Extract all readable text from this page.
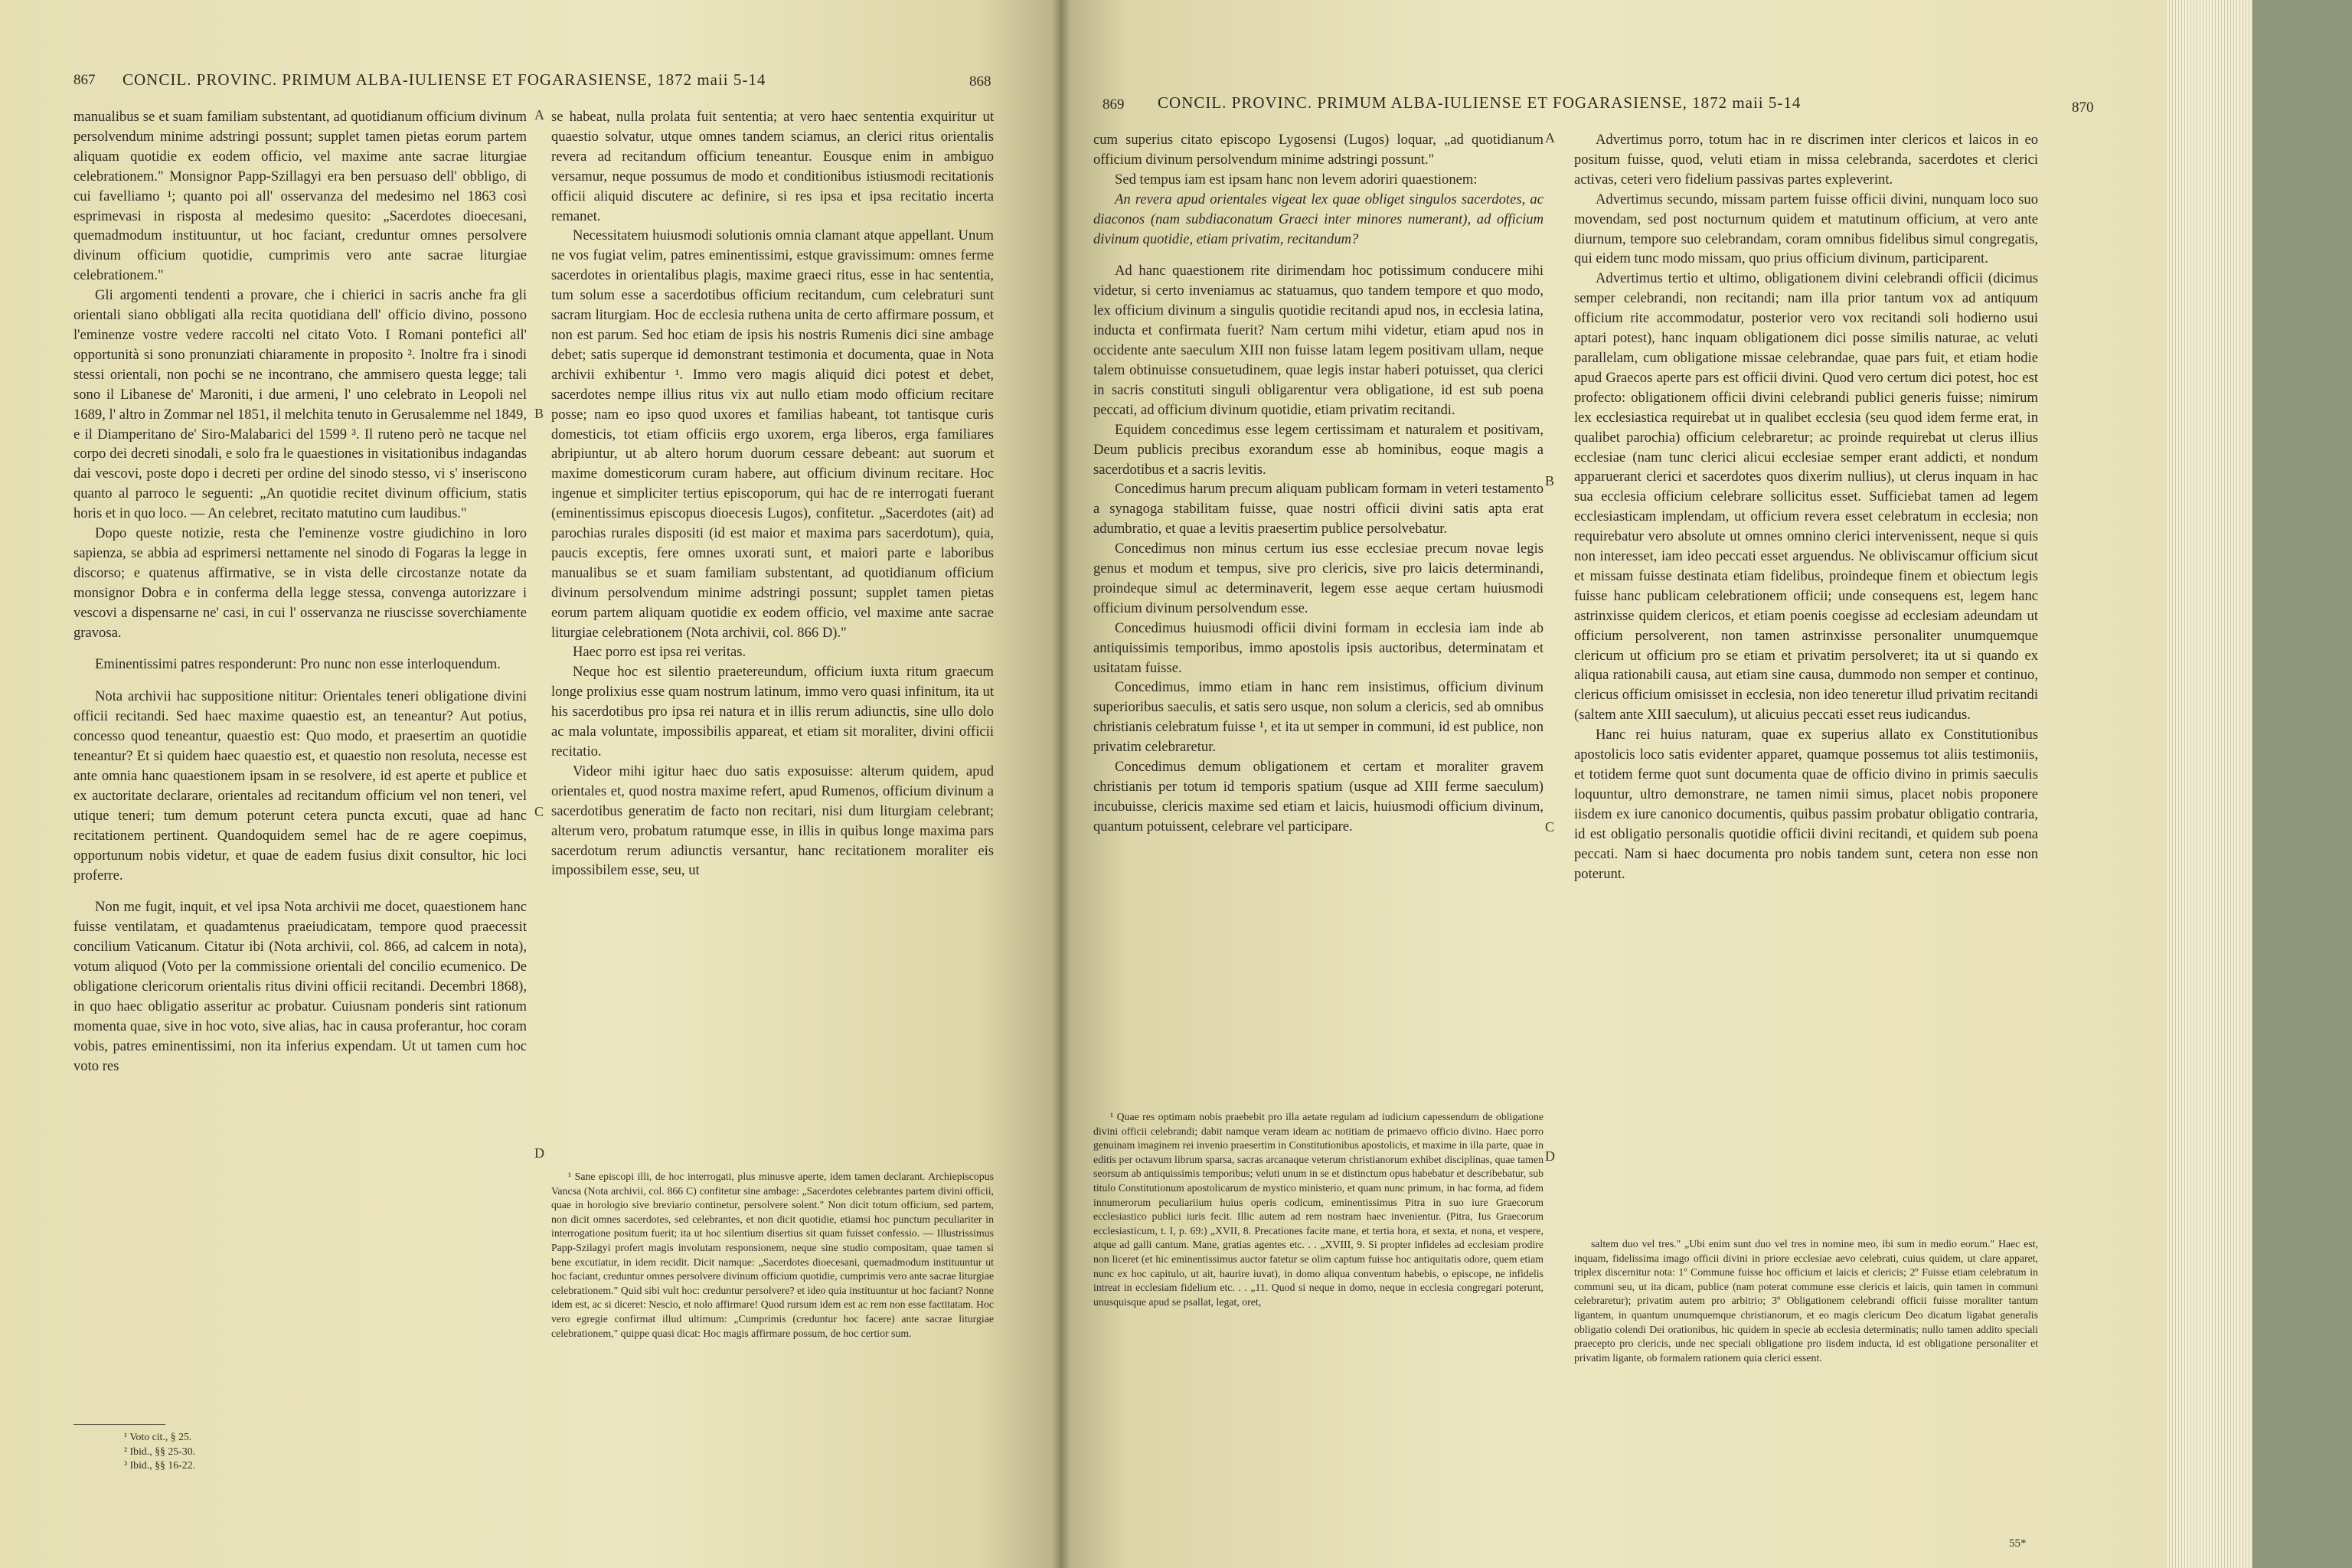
867 CONCIL. PROVINC. PRIMUM ALBA-IULIENSE ET FOGARASIENSE, 1872 maii 5-14	868

manualibus se et suam familiam substentant, ad quotidianum officium divinum persolvendum minime adstringi possunt; supplet tamen pietas eorum partem aliquam quotidie ex eodem officio, vel maxime ante sacrae liturgiae celebrationem." Monsignor Papp-Szillagyi era ben persuaso dell' obbligo, di cui favelliamo ¹; quanto poi all' osservanza del medesimo nel 1863 così esprimevasi in risposta al medesimo quesito: „Sacerdotes dioecesani, quemadmodum instituuntur, ut hoc faciant, creduntur omnes persolvere divinum officium quotidie, cumprimis vero ante sacrae liturgiae celebrationem."

Gli argomenti tendenti a provare, che i chierici in sacris anche fra gli orientali siano obbligati alla recita quotidiana dell' officio divino, possono l'eminenze vostre vedere raccolti nel citato Voto. I Romani pontefici all' opportunità si sono pronunziati chiaramente in proposito ². Inoltre fra i sinodi stessi orientali, non pochi se ne incontrano, che ammisero questa legge; tali sono il Libanese de' Maroniti, i due armeni, l' uno celebrato in Leopoli nel 1689, l' altro in Zommar nel 1851, il melchita tenuto in Gerusalemme nel 1849, e il Diamperitano de' Siro-Malabarici del 1599 ³. Il ruteno però ne tacque nel corpo dei decreti sinodali, e solo fra le quaestiones in visitationibus indagandas dai vescovi, poste dopo i decreti per ordine del sinodo stesso, vi s' inseriscono quanto al parroco le seguenti: „An quotidie recitet divinum officium, statis horis et in quo loco. — An celebret, recitato matutino cum laudibus."

Dopo queste notizie, resta che l'eminenze vostre giudichino in loro sapienza, se abbia ad esprimersi nettamente nel sinodo di Fogaras la legge in discorso; e quatenus affirmative, se in vista delle circostanze notate da monsignor Dobra e in conferma della legge stessa, convenga autorizzare i vescovi a dispensarne ne' casi, in cui l' osservanza ne riuscisse soverchiamente gravosa.

Eminentissimi patres responderunt: Pro nunc non esse interloquendum.

Nota archivii hac suppositione nititur: Orientales teneri obligatione divini officii recitandi. Sed haec maxime quaestio est, an teneantur? Aut potius, concesso quod teneantur, quaestio est: Quo modo, et praesertim an quotidie teneantur? Et si quidem haec quaestio est, et quaestio non resoluta, necesse est ante omnia hanc quaestionem ipsam in se resolvere, id est aperte et publice et ex auctoritate declarare, orientales ad recitandum officium vel non teneri, vel utique teneri; tum demum poterunt cetera puncta excuti, quae ad hanc recitationem pertinent. Quandoquidem semel hac de re agere coepimus, opportunum nobis videtur, et quae de eadem fusius dixit consultor, hic loci proferre.

Non me fugit, inquit, et vel ipsa Nota archivii me docet, quaestionem hanc fuisse ventilatam, et quadamtenus praeiudicatam, tempore quod praecessit concilium Vaticanum. Citatur ibi (Nota archivii, col. 866, ad calcem in nota), votum aliquod (Voto per la commissione orientali del concilio ecumenico. De obligatione clericorum orientalis ritus divini officii recitandi. Decembri 1868), in quo haec obligatio asseritur ac probatur. Cuiusnam ponderis sint rationum momenta quae, sive in hoc voto, sive alias, hac in causa proferantur, hoc coram vobis, patres eminentissimi, non ita inferius expendam. Ut ut tamen cum hoc voto res

¹ Voto cit., § 25.

² Ibid., §§ 25-30.

³ Ibid., §§ 16-22.

se habeat, nulla prolata fuit sententia; at vero haec sententia exquiritur ut quaestio solvatur, utque omnes tandem sciamus, an clerici ritus orientalis revera ad recitandum officium teneantur. Eousque enim in ambiguo versamur, neque possumus de modo et conditionibus istiusmodi recitationis officii aliquid discutere ac definire, si res ipsa et ipsa recitatio incerta remanet.

Necessitatem huiusmodi solutionis omnia clamant atque appellant. Unum ne vos fugiat velim, patres eminentissimi, estque gravissimum: omnes ferme sacerdotes in orientalibus plagis, maxime graeci ritus, esse in hac sententia, tum solum esse a sacerdotibus officium recitandum, cum celebraturi sunt sacram liturgiam. Hoc de ecclesia ruthena unita de certo affirmare possum, et non est parum. Sed hoc etiam de ipsis his nostris Rumenis dici sine ambage debet; satis superque id demonstrant testimonia et documenta, quae in Nota archivii exhibentur ¹. Immo vero magis aliquid dici potest et debet, sacerdotes nempe illius ritus vix aut nullo etiam modo officium recitare posse; nam eo ipso quod uxores et familias habeant, tot tantisque curis domesticis, tot etiam officiis ergo uxorem, erga liberos, erga familiares abripiuntur, ut ab altero horum duorum cessare debeant: aut suorum et maxime domesticorum curam habere, aut officium divinum recitare. Hoc ingenue et simpliciter tertius episcoporum, qui hac de re interrogati fuerant (eminentissimus episcopus dioecesis Lugos), confitetur. „Sacerdotes (ait) ad parochias rurales dispositi (id est maior et maxima pars sacerdotum), quia, paucis exceptis, fere omnes uxorati sunt, et maiori parte e laboribus manualibus se et suam familiam substentant, ad quotidianum officium divinum persolvendum minime adstringi possunt; supplet tamen pietas eorum partem aliquam quotidie ex eodem officio, vel maxime ante sacrae liturgiae celebrationem (Nota archivii, col. 866 D)."

Haec porro est ipsa rei veritas.

Neque hoc est silentio praetereundum, officium iuxta ritum graecum longe prolixius esse quam nostrum latinum, immo vero quasi infinitum, ita ut his sacerdotibus pro ipsa rei natura et in illis rerum adiunctis, sine ullo dolo ac mala voluntate, impossibilis appareat, et etiam sit moraliter, divini officii recitatio.

Videor mihi igitur haec duo satis exposuisse: alterum quidem, apud orientales et, quod nostra maxime refert, apud Rumenos, officium divinum a sacerdotibus generatim de facto non recitari, nisi dum liturgiam celebrant; alterum vero, probatum ratumque esse, in illis in quibus longe maxima pars sacerdotum rerum adiunctis versantur, hanc recitationem moraliter eis impossibilem esse, seu, ut

¹ Sane episcopi illi, de hoc interrogati, plus minusve aperte, idem tamen declarant. Archiepiscopus Vancsa (Nota archivii, col. 866 C) confitetur sine ambage: „Sacerdotes celebrantes partem divini officii, quae in horologio sive breviario continetur, persolvere solent." Non dicit totum officium, sed partem, non dicit omnes sacerdotes, sed celebrantes, et non dicit quotidie, etiamsi hoc punctum peculiariter in interrogatione positum fuerit; ita ut hoc silentium disertius sit quam fuisset confessio. — Illustrissimus Papp-Szilagyi profert magis involutam responsionem, neque sine studio compositam, quae tamen si bene excutiatur, in idem recidit. Dicit namque: „Sacerdotes dioecesani, quemadmodum instituuntur ut hoc faciant, creduntur omnes persolvere divinum officium quotidie, cumprimis vero ante sacrae liturgiae celebrationem." Quid sibi vult hoc: creduntur persolvere? et ideo quia instituuntur ut hoc faciant? Nonne idem est, ac si diceret: Nescio, et nolo affirmare! Quod rursum idem est ac rem non esse factitatam. Hoc vero egregie confirmat illud ultimum: „Cumprimis (creduntur hoc facere) ante sacrae liturgiae celebrationem," quippe quasi dicat: Hoc magis affirmare possum, de hoc certior sum.

A
B
C
D
869 CONCIL. PROVINC. PRIMUM ALBA-IULIENSE ET FOGARASIENSE, 1872 maii 5-14	870

cum superius citato episcopo Lygosensi (Lugos) loquar, „ad quotidianum officium divinum persolvendum minime adstringi possunt."

Sed tempus iam est ipsam hanc non levem adoriri quaestionem:

An revera apud orientales vigeat lex quae obliget singulos sacerdotes, ac diaconos (nam subdiaconatum Graeci inter minores numerant), ad officium divinum quotidie, etiam privatim, recitandum?

Ad hanc quaestionem rite dirimendam hoc potissimum conducere mihi videtur, si certo inveniamus ac statuamus, quo tandem tempore et quo modo, lex officium divinum a singulis quotidie recitandi apud nos, in ecclesia latina, inducta et confirmata fuerit? Nam certum mihi videtur, etiam apud nos in occidente ante saeculum XIII non fuisse latam legem positivam ullam, neque talem obtinuisse consuetudinem, quae legis instar haberi potuisset, qua clerici in sacris constituti singuli obligarentur vera obligatione, id est sub poena peccati, ad officium divinum quotidie, etiam privatim recitandi.

Equidem concedimus esse legem certissimam et naturalem et positivam, Deum publicis precibus exorandum esse ab hominibus, eoque magis a sacerdotibus et a sacris levitis.

Concedimus harum precum aliquam publicam formam in veteri testamento a synagoga stabilitam fuisse, quae nostri officii divini satis apta erat adumbratio, et quae a levitis praesertim publice persolvebatur.

Concedimus non minus certum ius esse ecclesiae precum novae legis genus et modum et tempus, sive pro clericis, sive pro laicis determinandi, proindeque simul ac determinaverit, legem esse aeque certam huiusmodi officium divinum persolvendum esse.

Concedimus huiusmodi officii divini formam in ecclesia iam inde ab antiquissimis temporibus, immo apostolis ipsis auctoribus, determinatam et usitatam fuisse.

Concedimus, immo etiam in hanc rem insistimus, officium divinum superioribus saeculis, et satis sero usque, non solum a clericis, sed ab omnibus christianis celebratum fuisse ¹, et ita ut semper in communi, id est publice, non privatim celebraretur.

Concedimus demum obligationem et certam et moraliter gravem christianis per totum id temporis spatium (usque ad XIII ferme saeculum) incubuisse, clericis maxime sed etiam et laicis, huiusmodi officium divinum, quantum potuissent, celebrare vel participare.

¹ Quae res optimam nobis praebebit pro illa aetate regulam ad iudicium capessendum de obligatione divini officii celebrandi; dabit namque veram ideam ac notitiam de primaevo officio divino. Haec porro genuinam imaginem rei invenio praesertim in Constitutionibus apostolicis, et maxime in illa parte, quae in editis per octavum librum sparsa, sacras arcanaque veterum christianorum exhibet disciplinas, quae tamen seorsum ab antiquissimis temporibus; veluti unum in se et distinctum opus habebatur et describebatur, sub titulo Constitutionum apostolicarum de mystico ministerio, et quam nunc primum, in hac forma, ad fidem innumerorum peculiariium huius operis codicum, eminentissimus Pitra in suo iure Graecorum ecclesiastico publici iuris fecit. Illic autem ad rem nostram haec invenientur. (Pitra, Ius Graecorum ecclesiasticum, t. I, p. 69:) „XVII, 8. Precationes facite mane, et tertia hora, et sexta, et nona, et vespere, atque ad galli cantum. Mane, gratias agentes etc. . . „XVIII, 9. Si propter infideles ad ecclesiam prodire non liceret (et hic eminentissimus auctor fatetur se olim captum fuisse hoc antiquitatis odore, quem etiam nunc ex hoc capitulo, ut ait, haurire iuvat), in domo aliqua conventum habebis, o episcope, ne infidelis intreat in ecclesiam fidelium etc. . . „11. Quod si neque in domo, neque in ecclesia congregari poterunt, unusquisque apud se psallat, legat, oret,

Advertimus porro, totum hac in re discrimen inter clericos et laicos in eo positum fuisse, quod, veluti etiam in missa celebranda, sacerdotes et clerici activas, ceteri vero fidelium passivas partes expleverint.

Advertimus secundo, missam partem fuisse officii divini, nunquam loco suo movendam, sed post nocturnum quidem et matutinum officium, at vero ante diurnum, tempore suo celebrandam, coram omnibus fidelibus simul congregatis, qui eidem tunc modo missam, quo prius officium divinum, participarent.

Advertimus tertio et ultimo, obligationem divini celebrandi officii (dicimus semper celebrandi, non recitandi; nam illa prior tantum vox ad antiquum officium rite accommodatur, posterior vero vox recitandi soli hodierno usui aptari potest), hanc inquam obligationem dici posse similis naturae, ac veluti parallelam, cum obligatione missae celebrandae, quae pars fuit, et etiam hodie apud Graecos aperte pars est officii divini. Quod vero certum dici potest, hoc est profecto: obligationem officii divini celebrandi publici generis fuisse; nimirum lex ecclesiastica requirebat ut in qualibet ecclesia (seu quod idem ferme erat, in qualibet parochia) officium celebraretur; ac proinde requirebat ut clerus illius ecclesiae (nam tunc clerici alicui ecclesiae semper erant addicti, et nondum apparuerant clerici et sacerdotes quos dixerim nullius), ut clerus inquam in hac sua ecclesia officium celebrare sollicitus esset. Sufficiebat tamen ad legem ecclesiasticam implendam, ut officium revera esset celebratum in ecclesia; non requirebatur vero absolute ut omnes omnino clerici intervenissent, neque si quis non interesset, iam ideo peccati esset arguendus. Ne obliviscamur officium sicut et missam fuisse destinata etiam fidelibus, proindeque finem et obiectum legis fuisse hanc publicam celebrationem officii; unde consequens est, legem hanc astrinxisse quidem clericos, et etiam poenis coegisse ad ecclesiam adeundam ut officium persolverent, non tamen astrinxisse personaliter unumquemque clericum ut officium pro se etiam et privatim persolveret; ita ut si quando ex aliqua rationabili causa, aut etiam sine causa, dummodo non semper et continuo, clericus officium omisisset in ecclesia, non ideo teneretur illud privatim recitandi (saltem ante XIII saeculum), ut alicuius peccati esset reus iudicandus.

Hanc rei huius naturam, quae ex superius allato ex Constitutionibus apostolicis loco satis evidenter apparet, quamque possemus tot aliis testimoniis, et totidem ferme quot sunt documenta quae de officio divino in primis saeculis loquuntur, ultro demonstrare, ne tamen nimii simus, placet nobis proponere iisdem ex iure canonico documentis, quibus passim probatur obligatio contraria, id est obligatio personalis quotidie officii divini recitandi, et quidem sub poena peccati. Nam si haec documenta pro nobis tandem sunt, cetera non esse non poterunt.

saltem duo vel tres." „Ubi enim sunt duo vel tres in nomine meo, ibi sum in medio eorum." Haec est, inquam, fidelissima imago officii divini in priore ecclesiae aevo celebrati, cuius quidem, ut clare apparet, triplex discernitur nota: 1º Commune fuisse hoc officium et laicis et clericis; 2º Fuisse etiam celebratum in communi seu, ut ita dicam, publice (nam poterat commune esse clericis et laicis, quin tamen in communi celebraretur); privatim autem pro arbitrio; 3º Obligationem celebrandi officii fuisse moraliter tantum ligantem, in quantum unumquemque christianorum, et eo magis clericum Deo dicatum ligabat generalis obligatio colendi Dei orationibus, hic quidem in specie ab ecclesia determinatis; nullo tamen addito speciali praecepto pro clericis, unde nec speciali obligatione pro iisdem inducta, id est obligatione personaliter et privatim ligante, ob formalem rationem quia clerici essent.

55*
A
B
C
D
